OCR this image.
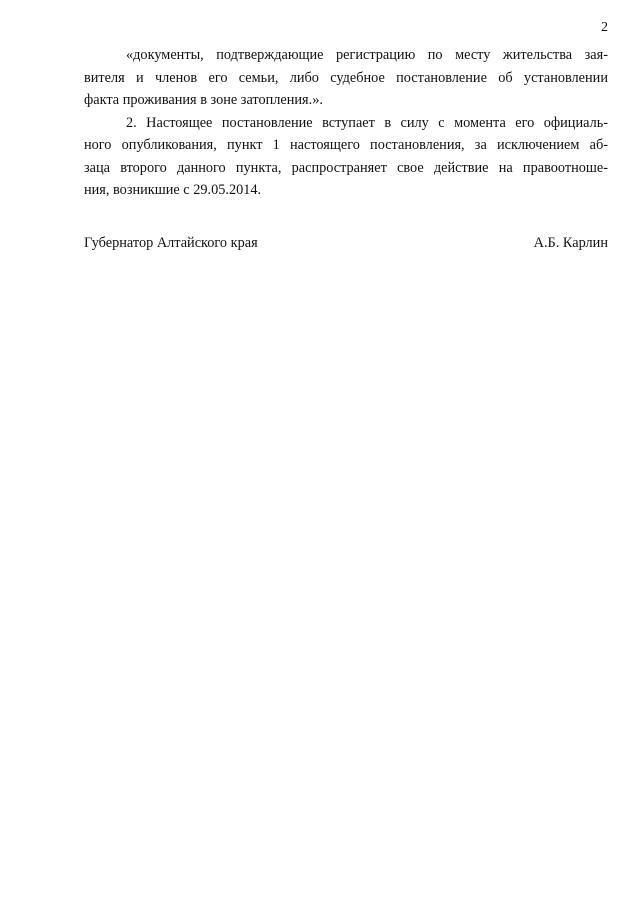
2
«документы, подтверждающие регистрацию по месту жительства зая-
вителя и членов его семьи, либо судебное постановление об установлении
факта проживания в зоне затопления.».
2. Настоящее постановление вступает в силу с момента его официаль-
ного опубликования, пункт 1 настоящего постановления, за исключением аб-
заца второго данного пункта, распространяет свое действие на правоотноше-
ния, возникшие с 29.05.2014.
Губернатор Алтайского края	А.Б. Карлин
